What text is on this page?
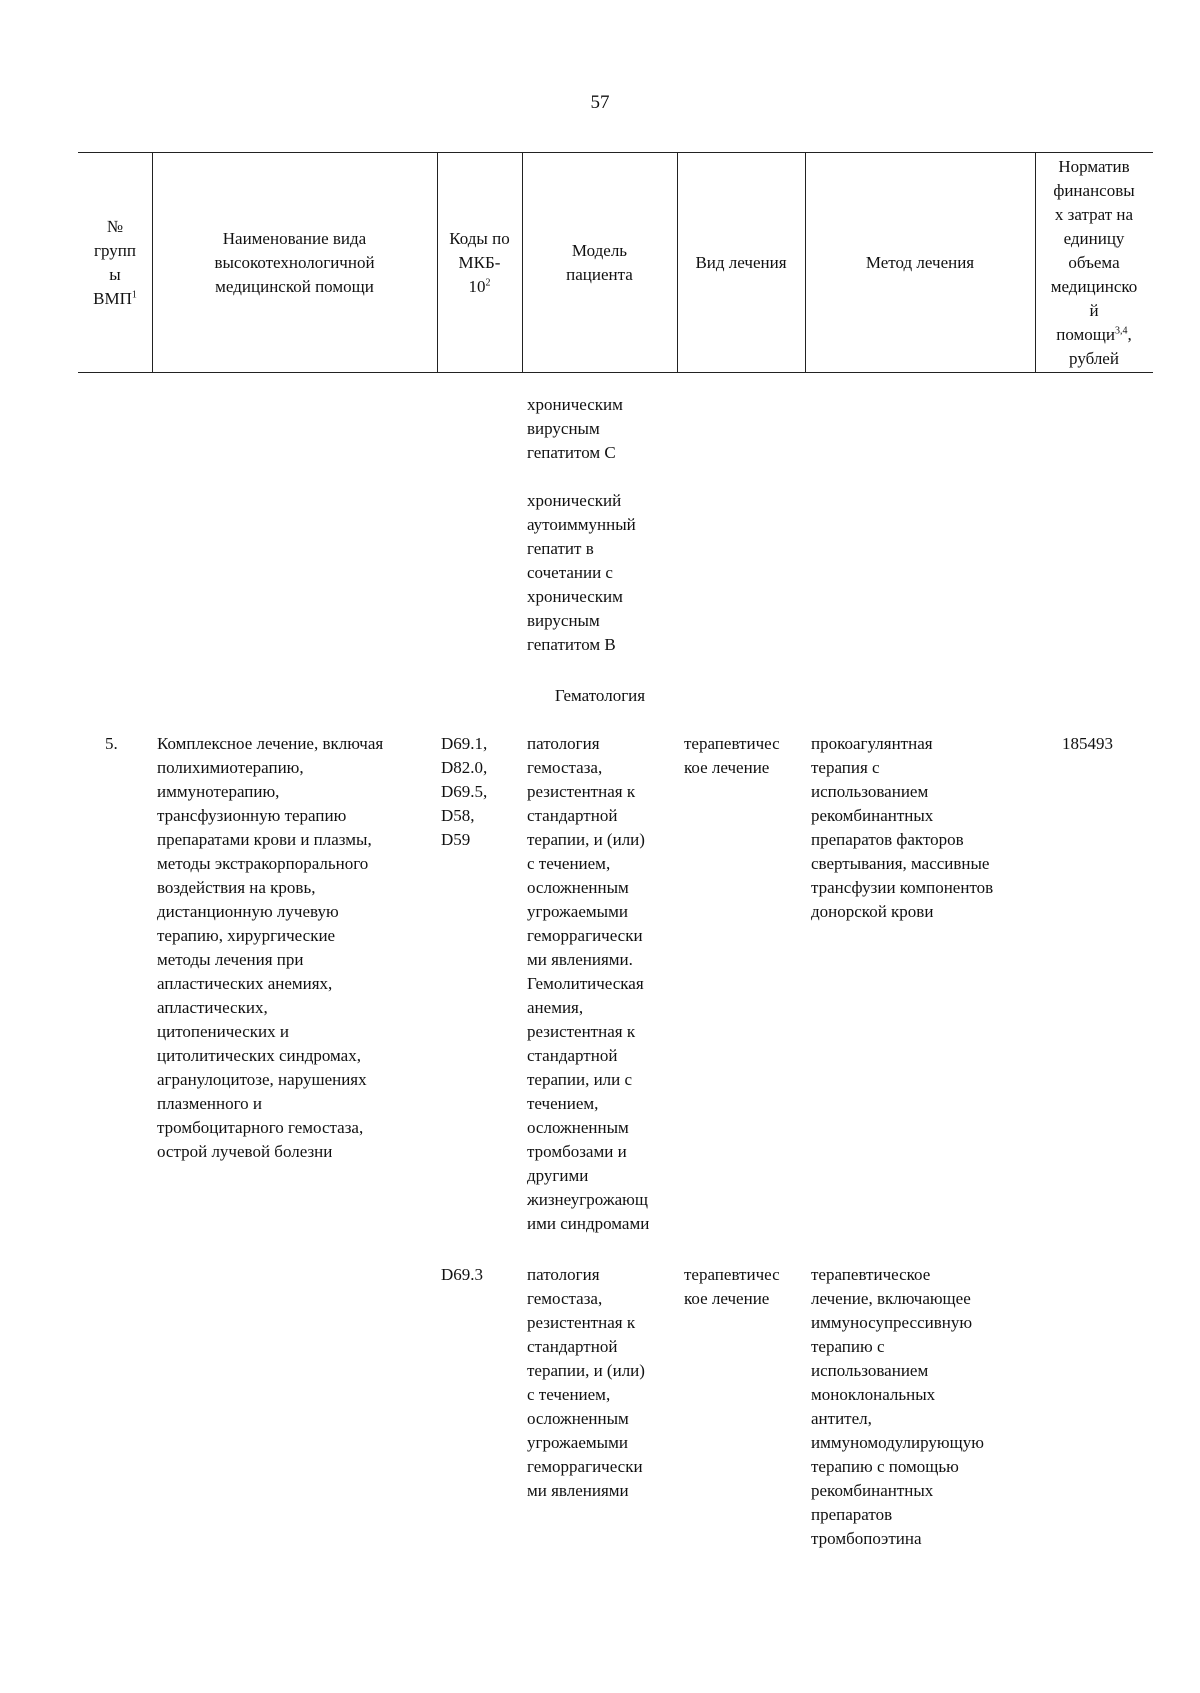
57
№
групп
ы
ВМП$^1$
Наименование вида
высокотехнологичной
медицинской помощи
Коды по
МКБ-
$10^2$
Модель
пациента
Вид лечения	Метод лечения
Норматив
финансовы
х затрат на
единицу
объема
медицинско
й
помощи$^{3,4}$,
рублей
хроническим
вирусным
гепатитом С
хронический
аутоиммунный
гепатит в
сочетании с
хроническим
вирусным
гепатитом В
Гематология
5. Комплексное лечение, включая
полихимиотерапию,
иммунотерапию,
трансфузионную терапию
препаратами крови и плазмы,
методы экстракорпорального
воздействия на кровь,
дистанционную лучевую
терапию, хирургические
методы лечения при
апластических анемиях,
апластических,
цитопенических и
цитолитических синдромах,
агранулоцитозе, нарушениях
плазменного и
тромбоцитарного гемостаза,
острой лучевой болезни
D69.1,
D82.0,
D69.5,
D58,
D59
патология
гемостаза,
резистентная к
стандартной
терапии, и (или)
с течением,
осложненным
угрожаемыми
геморрагически
ми явлениями.
Гемолитическая
анемия,
резистентная к
стандартной
терапии, или с
течением,
осложненным
тромбозами и
другими
жизнеугрожающ
ими синдромами
терапевтичес
кое лечение
прокоагулянтная
терапия с
использованием
рекомбинантных
препаратов факторов
свертывания, массивные
трансфузии компонентов
донорской крови
185493
D69.3	патология
гемостаза,
резистентная к
стандартной
терапии, и (или)
с течением,
осложненным
угрожаемыми
геморрагически
ми явлениями
терапевтичес
кое лечение
терапевтическое
лечение, включающее
иммуносупрессивную
терапию с
использованием
моноклональных
антител,
иммуномодулирующую
терапию с помощью
рекомбинантных
препаратов
тромбопоэтина
